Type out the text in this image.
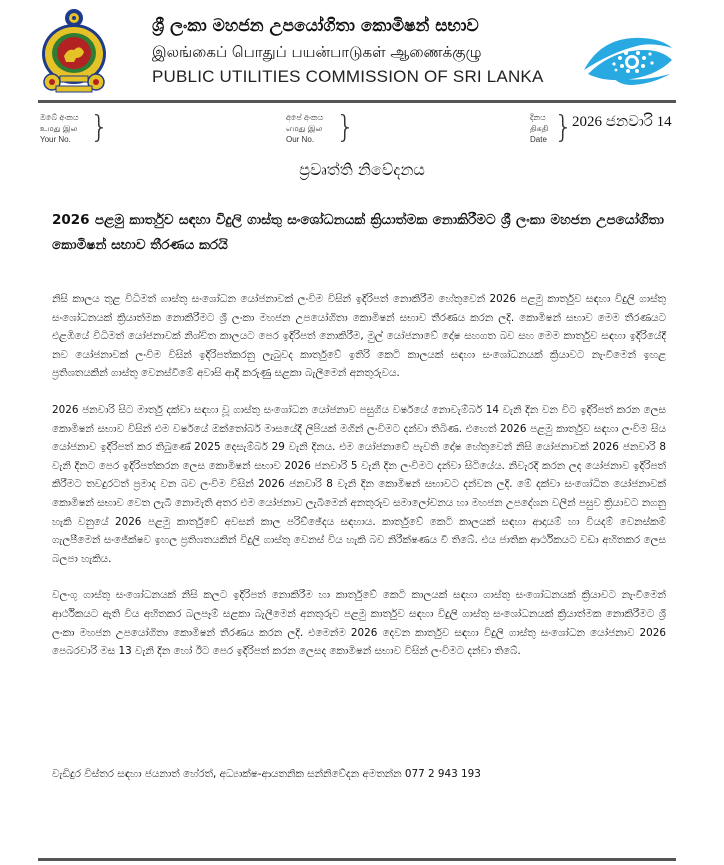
ශ්‍රී ලංකා මහජන උපයෝගිතා කොමිෂන් සභාව
இலங்கைப் பொதுப் பயன்பாடுகள் ஆணைக்குழு
PUBLIC UTILITIES COMMISSION OF SRI LANKA
ඔබේ අංකය
உமது இல
Your No. }	අපේ අංකය
எமது இல
Our No. }	දිනය
திகதி
Date }
2026 ජනවාරි 14
ප්‍රවෘත්ති නිවේදනය
2026 පළමු කාර්තුව සඳහා විදුලි ගාස්තු සංශෝධනයක් ක්‍රියාත්මක නොකිරීමට ශ්‍රී ලංකා මහජන උපයෝගිතා කොමිෂන් සභාව තීරණය කරයි

නිසි කාලය තුළ විධිමත් ගාස්තු සංශෝධන යෝජනාවක් ලංවිම විසින් ඉදිරිපත් නොකිරීම හේතුවෙන් 2026 පළමු කාර්තුව සඳහා විදුලි ගාස්තු සංශෝධනයක් ක්‍රියාත්මක නොකිරීමට ශ්‍රී ලංකා මහජන උපයෝගිතා කොමිෂන් සභාව තීරණය කරන ලදි. කොමිෂන් සභාව මෙම තීරණයට එළඹියේ විධිමත් යෝජනාවක් නිශ්චිත කාලයට පෙර ඉදිරිපත් නොකිරීම, මුල් යෝජනාවේ දෝෂ සහගත බව සහ මෙම කාර්තුව සඳහා ඉදිරියේදී නව යෝජනාවක් ලංවිම විසින් ඉදිරිපත්කරනු ලැබුවද කාර්තුවේ ඉතිරි කෙටි කාලයක් සඳහා සංශෝධනයක් ක්‍රියාවට නැංවීමෙන් ඉහළ ප්‍රතිශතයකින් ගාස්තු වෙනස්වීමේ අවාසි ආදි කරුණු සළකා බැලීමෙන් අනතුරුවය.

2026 ජනවාරි සිට මාර්තු දක්වා සඳහා වූ ගාස්තු සංශෝධන යෝජනාව පසුගිය වර්ෂයේ නොවැම්බර් 14 වැනි දින වන විට ඉදිරිපත් කරන ලෙස කොමිෂන් සභාව විසින් එම වර්ෂයේ ඔක්තෝබර් මාසයේදී ලිපියක් මගින් ලංවිමට දන්වා තිබිණ. එහෙත් 2026 පළමු කාර්තුව සඳහා ලංවිම සිය යෝජනාව ඉදිරිපත් කර තිබුණේ 2025 දෙසැම්බර් 29 වැනි දිනය. එම යෝජනාවේ පැවති දෝෂ හේතුවෙන් නිසි යෝජනාවක් 2026 ජනවාරි 8 වැනි දිනට පෙර ඉදිරිපත්කරන ලෙස කොමිෂන් සභාව 2026 ජනවාරි 5 වැනි දින ලංවිමට දන්වා සිටියේය. නිවැරදි කරන ලද යෝජනාව ඉදිරිපත් කිරීමට තවදුරටත් ප්‍රමාද වන බව ලංවිම විසින් 2026 ජනවාරි 8 වැනි දින කොමිෂන් සභාවට දන්වන ලදි. මේ දක්වා සංශෝධිත යෝජනාවක් කොමිෂන් සභාව වෙත ලැබී නොමැති අතර එම යෝජනාව ලැබීමෙන් අනතුරුව සමාලෝචනය හා මහජන උපදේශන වලින් පසුව ක්‍රියාවට නගනු හැකි වනුයේ 2026 පළමු කාර්තුවේ අවසන් කාල පරිච්ඡේදය සඳහාය. කාර්තුවේ කෙටි කාලයක් සඳහා ආදායම් හා වියදම් වෙනස්කම් ගැලපීමෙන් සංජේක්ෂව ඉහල ප්‍රතිශතයකින් විදුලි ගාස්තු වෙනස් විය හැකි බව නිරීක්ෂණය වී තිබේ. එය ජාතික ආර්ථිකයට වඩා අහිතකර ලෙස බලපා හැකිය.

වලංගු ගාස්තු සංශෝධනයක් නිසි කලට ඉදිරිපත් නොකිරීම හා කාර්තුවේ කෙටි කාලයක් සඳහා ගාස්තු සංශෝධනයක් ක්‍රියාවට නැංවීමෙන් ආර්ථිකයට ඇති විය අහිතකර බලපෑම් සළකා බැලීමෙන් අනතුරුව පළමු කාර්තුව සඳහා විදුලි ගාස්තු සංශෝධනයක් ක්‍රියාත්මක නොකිරීමට ශ්‍රී ලංකා මහජන උපයෝගිතා කොමිෂන් තීරණය කරන ලදි. එමෙන්ම 2026 දෙවන කාර්තුව සඳහා විදුලි ගාස්තු සංශෝධන යෝජනාව 2026 පෙබරවාරි මස 13 වැනි දින හෝ ඊට පෙර ඉදිරිපත් කරන ලෙසද කොමිෂන් සභාව විසින් ලංවිමට දන්වා තිබේ.

වැඩිදුර විස්තර සඳහා ජයනාත් හේරත්, අධ්‍යාක්ෂ-ආයතනික සන්නිවේදන අමතන්න 077 2 943 193
